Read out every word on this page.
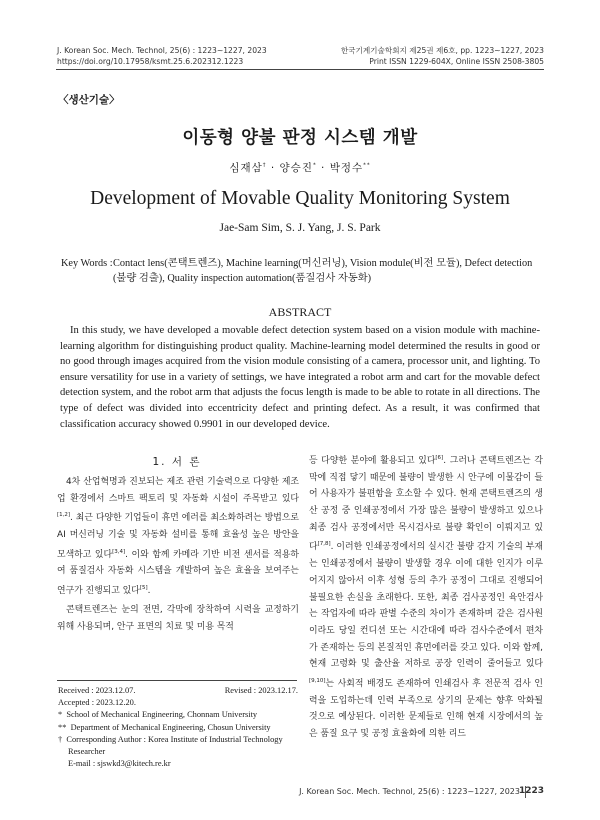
J. Korean Soc. Mech. Technol, 25(6) : 1223~1227, 2023
https://doi.org/10.17958/ksmt.25.6.202312.1223
한국기계기술학회지 제25권 제6호, pp. 1223~1227, 2023
Print ISSN 1229-604X, Online ISSN 2508-3805
〈생산기술〉
이동형 양불 판정 시스템 개발
심재삼† · 양승진* · 박정수**
Development of Movable Quality Monitoring System
Jae-Sam Sim, S. J. Yang, J. S. Park
Key Words : Contact lens(콘택트렌즈), Machine learning(머신러닝), Vision module(비전 모듈), Defect detection (불량 검출), Quality inspection automation(품질검사 자동화)
ABSTRACT

In this study, we have developed a movable defect detection system based on a vision module with machine-learning algorithm for distinguishing product quality. Machine-learning model determined the results in good or no good through images acquired from the vision module consisting of a camera, processor unit, and lighting. To ensure versatility for use in a variety of settings, we have integrated a robot arm and cart for the movable defect detection system, and the robot arm that adjusts the focus length is made to be able to rotate in all directions. The type of defect was divided into eccentricity defect and printing defect. As a result, it was confirmed that classification accuracy showed 0.9901 in our developed device.

1. 서 론

4차 산업혁명과 진보되는 제조 관련 기술력으로 다양한 제조업 환경에서 스마트 팩토리 및 자동화 시설이 주목받고 있다[1,2]. 최근 다양한 기업들이 휴먼 에러를 최소화하려는 방법으로 AI 머신러닝 기술 및 자동화 설비를 통해 효율성 높은 방안을 모색하고 있다[3,4]. 이와 함께 카메라 기반 비전 센서를 적용하여 품질검사 자동화 시스템을 개발하여 높은 효율을 보여주는 연구가 진행되고 있다[5].

콘택트렌즈는 눈의 전면, 각막에 장착하여 시력을 교정하기 위해 사용되며, 안구 표면의 치료 및 미용 목적

Received : 2023.12.07.	Revised : 2023.12.17.
Accepted : 2023.12.20.
* School of Mechanical Engineering, Chonnam University
** Department of Mechanical Engineering, Chosun University
† Corresponding Author : Korea Institute of Industrial Technology Researcher
E-mail : sjswkd3@kitech.re.kr

등 다양한 분야에 활용되고 있다[6]. 그러나 콘택트렌즈는 각막에 직접 닿기 때문에 불량이 발생한 시 안구에 이물감이 들어 사용자가 불편함을 호소할 수 있다. 현재 콘택트렌즈의 생산 공정 중 인쇄공정에서 가장 많은 불량이 발생하고 있으나 최종 검사 공정에서만 목시검사로 불량 확인이 이뤄지고 있다[7,8]. 이러한 인쇄공정에서의 실시간 불량 감지 기술의 부재는 인쇄공정에서 불량이 발생할 경우 이에 대한 인지가 이루어지지 않아서 이후 성형 등의 추가 공정이 그대로 진행되어 불필요한 손실을 초래한다. 또한, 최종 검사공정인 육안검사는 작업자에 따라 판별 수준의 차이가 존재하며 같은 검사원이라도 당일 컨디션 또는 시간대에 따라 검사수준에서 편차가 존재하는 등의 본질적인 휴먼에러를 갖고 있다. 이와 함께, 현재 고령화 및 출산율 저하로 공장 인력이 줄어들고 있다[9,10]는 사회적 배경도 존재하여 인쇄검사 후 전문적 검사 인력을 도입하는데 인력 부족으로 상기의 문제는 향후 악화될 것으로 예상된다. 이러한 문제들로 인해 현재 시장에서의 높은 품질 요구 및 공정 효율화에 의한 리드

J. Korean Soc. Mech. Technol, 25(6) : 1223~1227, 2023
1223
